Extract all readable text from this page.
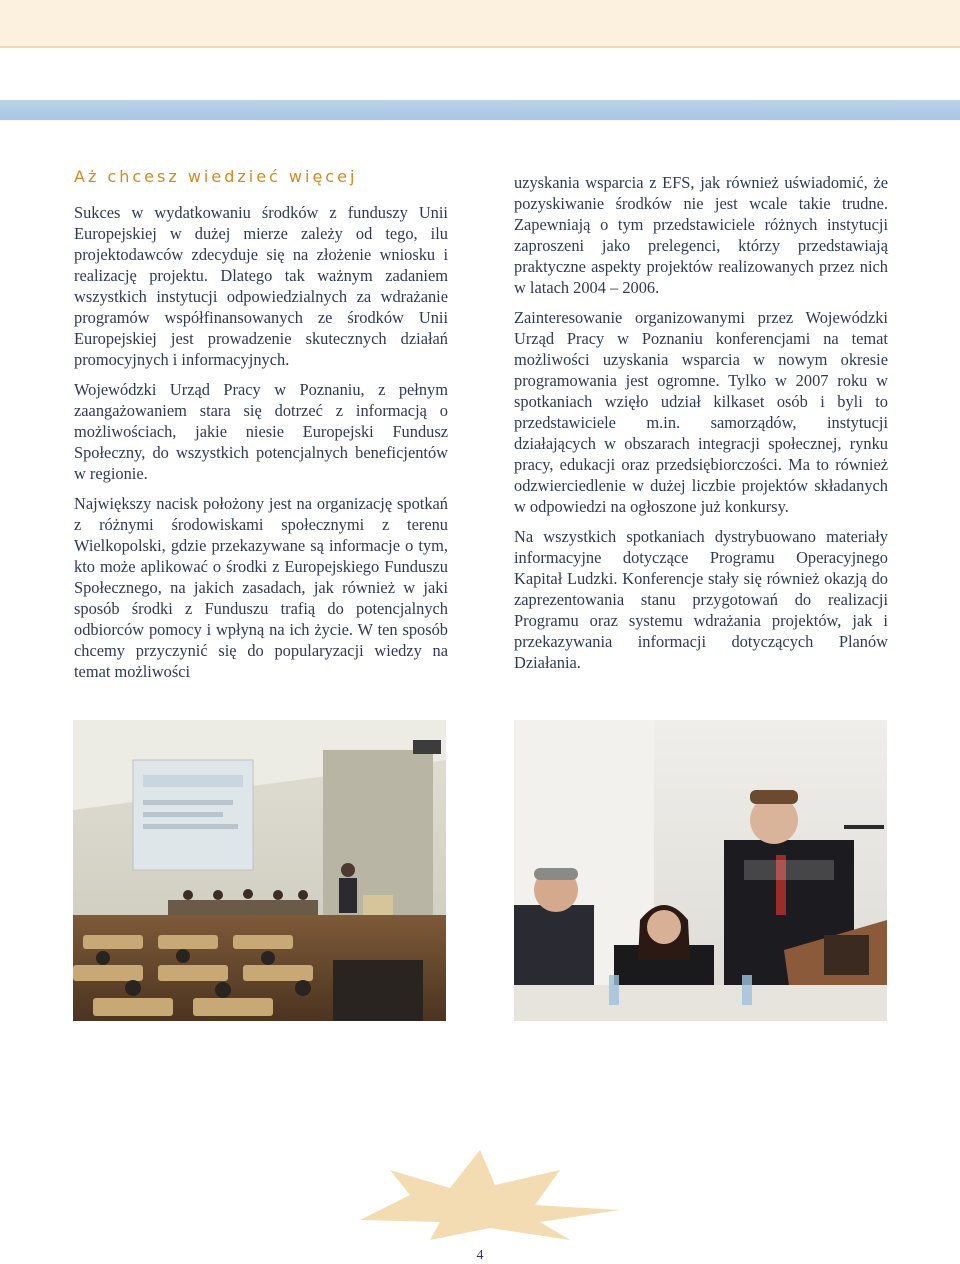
Aż chcesz wiedzieć więcej

Sukces w wydatkowaniu środków z funduszy Unii Europejskiej w dużej mierze zależy od tego, ilu projektodawców zdecyduje się na złożenie wniosku i realizację projektu. Dlatego tak ważnym zadaniem wszystkich instytucji odpowiedzialnych za wdrażanie programów współfinansowanych ze środków Unii Europejskiej jest prowadzenie skutecznych działań promocyjnych i informacyjnych.

Wojewódzki Urząd Pracy w Poznaniu, z pełnym zaangażowaniem stara się dotrzeć z informacją o możliwościach, jakie niesie Europejski Fundusz Społeczny, do wszystkich potencjalnych beneficjentów w regionie.

Największy nacisk położony jest na organizację spotkań z różnymi środowiskami społecznymi z terenu Wielkopolski, gdzie przekazywane są informacje o tym, kto może aplikować o środki z Europejskiego Funduszu Społecznego, na jakich zasadach, jak również w jaki sposób środki z Funduszu trafią do potencjalnych odbiorców pomocy i wpłyną na ich życie. W ten sposób chcemy przyczynić się do popularyzacji wiedzy na temat możliwości

uzyskania wsparcia z EFS, jak również uświadomić, że pozyskiwanie środków nie jest wcale takie trudne. Zapewniają o tym przedstawiciele różnych instytucji zaproszeni jako prelegenci, którzy przedstawiają praktyczne aspekty projektów realizowanych przez nich w latach 2004 – 2006.

Zainteresowanie organizowanymi przez Wojewódzki Urząd Pracy w Poznaniu konferencjami na temat możliwości uzyskania wsparcia w nowym okresie programowania jest ogromne. Tylko w 2007 roku w spotkaniach wzięło udział kilkaset osób i byli to przedstawiciele m.in. samorządów, instytucji działających w obszarach integracji społecznej, rynku pracy, edukacji oraz przedsiębiorczości. Ma to również odzwierciedlenie w dużej liczbie projektów składanych w odpowiedzi na ogłoszone już konkursy.

Na wszystkich spotkaniach dystrybuowano materiały informacyjne dotyczące Programu Operacyjnego Kapitał Ludzki. Konferencje stały się również okazją do zaprezentowania stanu przygotowań do realizacji Programu oraz systemu wdrażania projektów, jak i przekazywania informacji dotyczących Planów Działania.

4
